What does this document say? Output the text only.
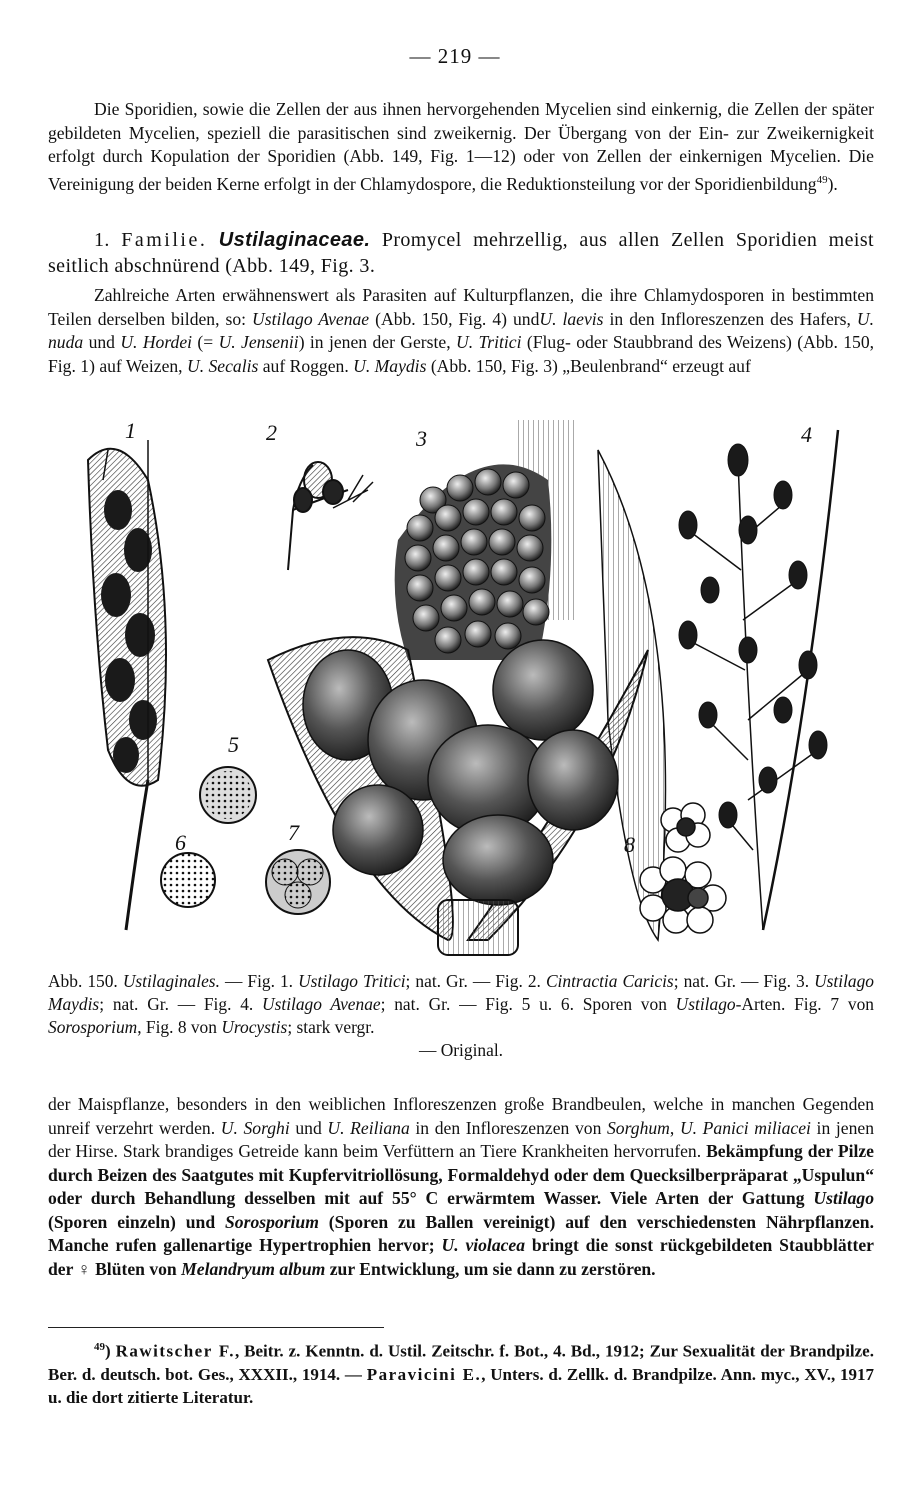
— 219 —

Die Sporidien, sowie die Zellen der aus ihnen hervorgehenden Mycelien sind einkernig, die Zellen der später gebildeten Mycelien, speziell die parasitischen sind zweikernig. Der Übergang von der Ein- zur Zweikernigkeit erfolgt durch Kopulation der Sporidien (Abb. 149, Fig. 1—12) oder von Zellen der einkernigen Mycelien. Die Vereinigung der beiden Kerne erfolgt in der Chlamydospore, die Reduktionsteilung vor der Sporidienbildung$^{49}$).

1. Familie. Ustilaginaceae. Promycel mehrzellig, aus allen Zellen Sporidien meist seitlich abschnürend (Abb. 149, Fig. 3.

Zahlreiche Arten erwähnenswert als Parasiten auf Kulturpflanzen, die ihre Chlamydosporen in bestimmten Teilen derselben bilden, so: Ustilago Avenae (Abb. 150, Fig. 4) undU. laevis in den Infloreszenzen des Hafers, U. nuda und U. Hordei (= U. Jensenii) in jenen der Gerste, U. Tritici (Flug- oder Staubbrand des Weizens) (Abb. 150, Fig. 1) auf Weizen, U. Secalis auf Roggen. U. Maydis (Abb. 150, Fig. 3) „Beulenbrand“ erzeugt auf

1	2	3	4
5
6	7	8
Abb. 150. Ustilaginales. — Fig. 1. Ustilago Tritici; nat. Gr. — Fig. 2. Cintractia Caricis; nat. Gr. — Fig. 3. Ustilago Maydis; nat. Gr. — Fig. 4. Ustilago Avenae; nat. Gr. — Fig. 5 u. 6. Sporen von Ustilago-Arten. Fig. 7 von Sorosporium, Fig. 8 von Urocystis; stark vergr.
— Original.

der Maispflanze, besonders in den weiblichen Infloreszenzen große Brandbeulen, welche in manchen Gegenden unreif verzehrt werden. U. Sorghi und U. Reiliana in den Infloreszenzen von Sorghum, U. Panici miliacei in jenen der Hirse. Stark brandiges Getreide kann beim Verfüttern an Tiere Krankheiten hervorrufen. Bekämpfung der Pilze durch Beizen des Saatgutes mit Kupfervitriollösung, Formaldehyd oder dem Quecksilberpräparat „Uspulun“ oder durch Behandlung desselben mit auf 55° C erwärmtem Wasser. Viele Arten der Gattung Ustilago (Sporen einzeln) und Sorosporium (Sporen zu Ballen vereinigt) auf den verschiedensten Nährpflanzen. Manche rufen gallenartige Hypertrophien hervor; U. violacea bringt die sonst rückgebildeten Staubblätter der ♀ Blüten von Melandryum album zur Entwicklung, um sie dann zu zerstören.

$^{49}$) Rawitscher F., Beitr. z. Kenntn. d. Ustil. Zeitschr. f. Bot., 4. Bd., 1912; Zur Sexualität der Brandpilze. Ber. d. deutsch. bot. Ges., XXXII., 1914. — Paravicini E., Unters. d. Zellk. d. Brandpilze. Ann. myc., XV., 1917 u. die dort zitierte Literatur.
